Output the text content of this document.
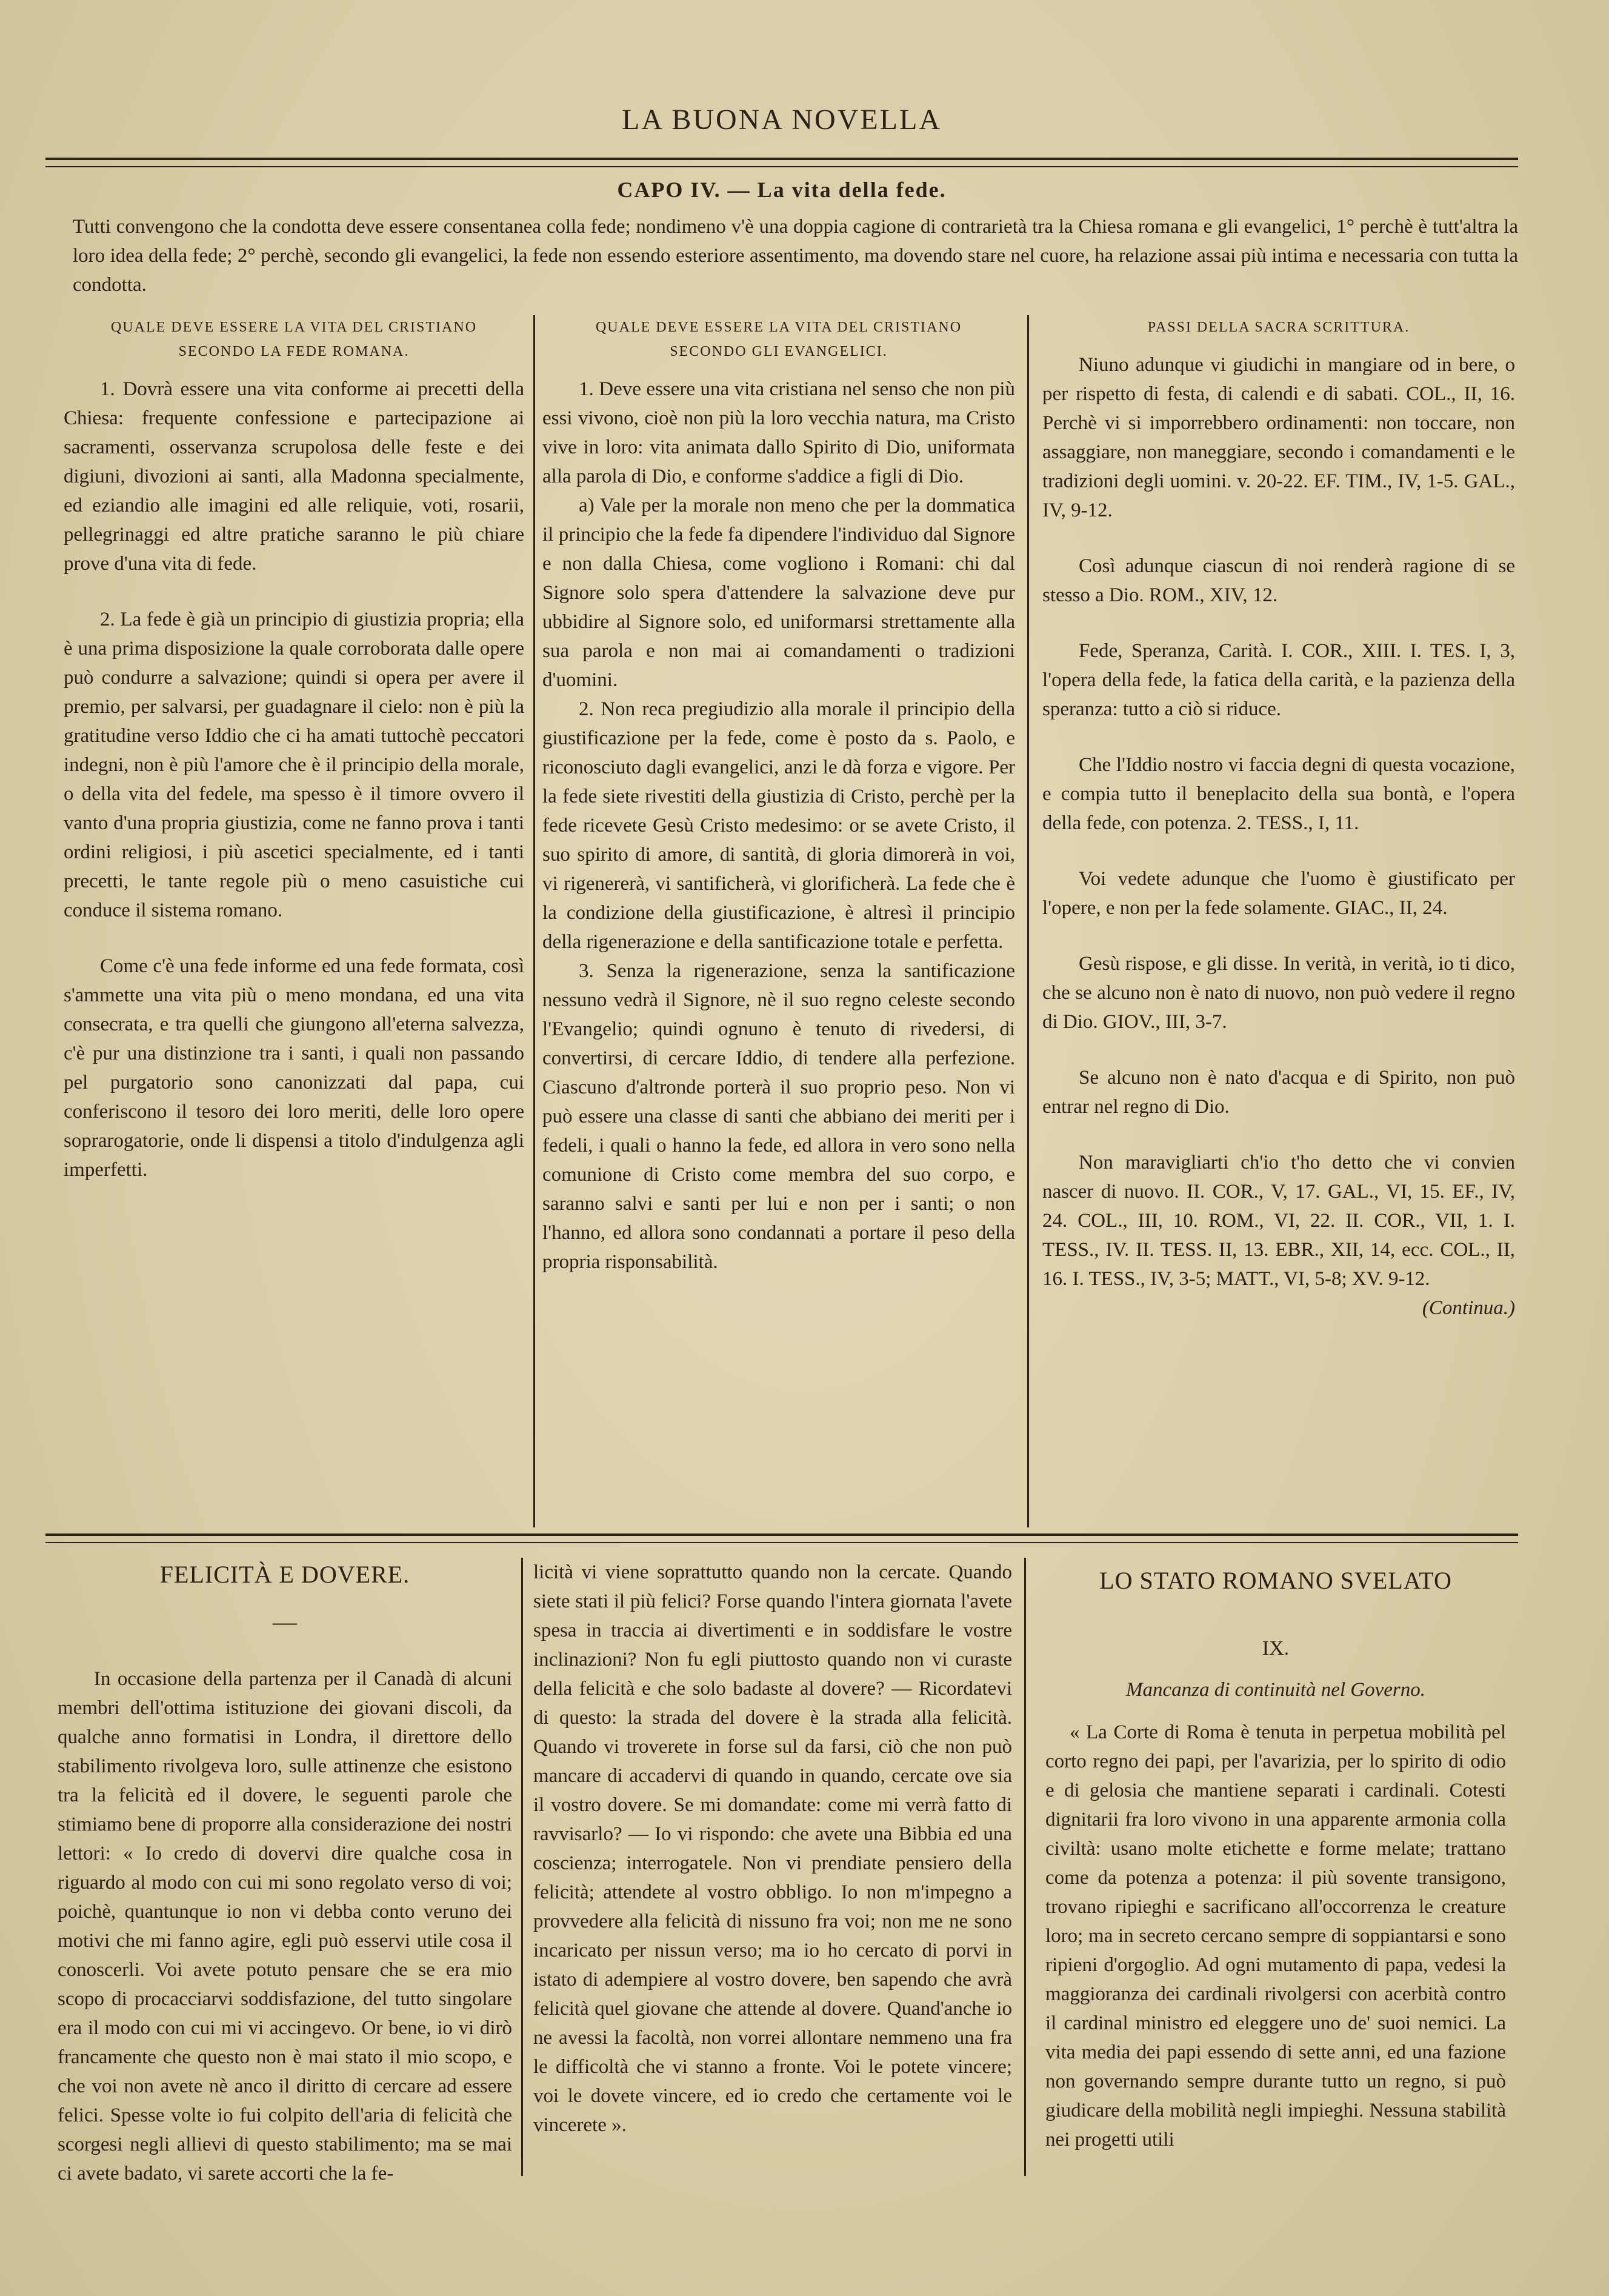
LA BUONA NOVELLA
CAPO IV. — La vita della fede.

Tutti convengono che la condotta deve essere consentanea colla fede; nondimeno v'è una doppia cagione di contrarietà tra la Chiesa romana e gli evangelici, 1° perchè è tutt'altra la loro idea della fede; 2° perchè, secondo gli evangelici, la fede non essendo esteriore assentimento, ma dovendo stare nel cuore, ha relazione assai più intima e necessaria con tutta la condotta.

QUALE DEVE ESSERE LA VITA DEL CRISTIANO
SECONDO LA FEDE ROMANA.

1. Dovrà essere una vita conforme ai precetti della Chiesa: frequente confessione e partecipazione ai sacramenti, osservanza scrupolosa delle feste e dei digiuni, divozioni ai santi, alla Madonna specialmente, ed eziandio alle imagini ed alle reliquie, voti, rosarii, pellegrinaggi ed altre pratiche saranno le più chiare prove d'una vita di fede.

2. La fede è già un principio di giustizia propria; ella è una prima disposizione la quale corroborata dalle opere può condurre a salvazione; quindi si opera per avere il premio, per salvarsi, per guadagnare il cielo: non è più la gratitudine verso Iddio che ci ha amati tuttochè peccatori indegni, non è più l'amore che è il principio della morale, o della vita del fedele, ma spesso è il timore ovvero il vanto d'una propria giustizia, come ne fanno prova i tanti ordini religiosi, i più ascetici specialmente, ed i tanti precetti, le tante regole più o meno casuistiche cui conduce il sistema romano.

Come c'è una fede informe ed una fede formata, così s'ammette una vita più o meno mondana, ed una vita consecrata, e tra quelli che giungono all'eterna salvezza, c'è pur una distinzione tra i santi, i quali non passando pel purgatorio sono canonizzati dal papa, cui conferiscono il tesoro dei loro meriti, delle loro opere soprarogatorie, onde li dispensi a titolo d'indulgenza agli imperfetti.

QUALE DEVE ESSERE LA VITA DEL CRISTIANO
SECONDO GLI EVANGELICI.

1. Deve essere una vita cristiana nel senso che non più essi vivono, cioè non più la loro vecchia natura, ma Cristo vive in loro: vita animata dallo Spirito di Dio, uniformata alla parola di Dio, e conforme s'addice a figli di Dio.

a) Vale per la morale non meno che per la dommatica il principio che la fede fa dipendere l'individuo dal Signore e non dalla Chiesa, come vogliono i Romani: chi dal Signore solo spera d'attendere la salvazione deve pur ubbidire al Signore solo, ed uniformarsi strettamente alla sua parola e non mai ai comandamenti o tradizioni d'uomini.

2. Non reca pregiudizio alla morale il principio della giustificazione per la fede, come è posto da s. Paolo, e riconosciuto dagli evangelici, anzi le dà forza e vigore. Per la fede siete rivestiti della giustizia di Cristo, perchè per la fede ricevete Gesù Cristo medesimo: or se avete Cristo, il suo spirito di amore, di santità, di gloria dimorerà in voi, vi rigenererà, vi santificherà, vi glorificherà. La fede che è la condizione della giustificazione, è altresì il principio della rigenerazione e della santificazione totale e perfetta.

3. Senza la rigenerazione, senza la santificazione nessuno vedrà il Signore, nè il suo regno celeste secondo l'Evangelio; quindi ognuno è tenuto di rivedersi, di convertirsi, di cercare Iddio, di tendere alla perfezione. Ciascuno d'altronde porterà il suo proprio peso. Non vi può essere una classe di santi che abbiano dei meriti per i fedeli, i quali o hanno la fede, ed allora in vero sono nella comunione di Cristo come membra del suo corpo, e saranno salvi e santi per lui e non per i santi; o non l'hanno, ed allora sono condannati a portare il peso della propria risponsabilità.

PASSI DELLA SACRA SCRITTURA.

Niuno adunque vi giudichi in mangiare od in bere, o per rispetto di festa, di calendi e di sabati. COL., II, 16. Perchè vi si imporrebbero ordinamenti: non toccare, non assaggiare, non maneggiare, secondo i comandamenti e le tradizioni degli uomini. v. 20-22. EF. TIM., IV, 1-5. GAL., IV, 9-12.

Così adunque ciascun di noi renderà ragione di se stesso a Dio. ROM., XIV, 12.

Fede, Speranza, Carità. I. COR., XIII. I. TES. I, 3, l'opera della fede, la fatica della carità, e la pazienza della speranza: tutto a ciò si riduce.

Che l'Iddio nostro vi faccia degni di questa vocazione, e compia tutto il beneplacito della sua bontà, e l'opera della fede, con potenza. 2. TESS., I, 11.

Voi vedete adunque che l'uomo è giustificato per l'opere, e non per la fede solamente. GIAC., II, 24.

Gesù rispose, e gli disse. In verità, in verità, io ti dico, che se alcuno non è nato di nuovo, non può vedere il regno di Dio. GIOV., III, 3-7.

Se alcuno non è nato d'acqua e di Spirito, non può entrar nel regno di Dio.

Non maravigliarti ch'io t'ho detto che vi convien nascer di nuovo. II. COR., V, 17. GAL., VI, 15. EF., IV, 24. COL., III, 10. ROM., VI, 22. II. COR., VII, 1. I. TESS., IV. II. TESS. II, 13. EBR., XII, 14, ecc. COL., II, 16. I. TESS., IV, 3-5; MATT., VI, 5-8; XV. 9-12.

(Continua.)
FELICITÀ E DOVERE.
—

In occasione della partenza per il Canadà di alcuni membri dell'ottima istituzione dei giovani discoli, da qualche anno formatisi in Londra, il direttore dello stabilimento rivolgeva loro, sulle attinenze che esistono tra la felicità ed il dovere, le seguenti parole che stimiamo bene di proporre alla considerazione dei nostri lettori: « Io credo di dovervi dire qualche cosa in riguardo al modo con cui mi sono regolato verso di voi; poichè, quantunque io non vi debba conto veruno dei motivi che mi fanno agire, egli può esservi utile cosa il conoscerli. Voi avete potuto pensare che se era mio scopo di procacciarvi soddisfazione, del tutto singolare era il modo con cui mi vi accingevo. Or bene, io vi dirò francamente che questo non è mai stato il mio scopo, e che voi non avete nè anco il diritto di cercare ad essere felici. Spesse volte io fui colpito dell'aria di felicità che scorgesi negli allievi di questo stabilimento; ma se mai ci avete badato, vi sarete accorti che la fe-

licità vi viene soprattutto quando non la cercate. Quando siete stati il più felici? Forse quando l'intera giornata l'avete spesa in traccia ai divertimenti e in soddisfare le vostre inclinazioni? Non fu egli piuttosto quando non vi curaste della felicità e che solo badaste al dovere? — Ricordatevi di questo: la strada del dovere è la strada alla felicità. Quando vi troverete in forse sul da farsi, ciò che non può mancare di accadervi di quando in quando, cercate ove sia il vostro dovere. Se mi domandate: come mi verrà fatto di ravvisarlo? — Io vi rispondo: che avete una Bibbia ed una coscienza; interrogatele. Non vi prendiate pensiero della felicità; attendete al vostro obbligo. Io non m'impegno a provvedere alla felicità di nissuno fra voi; non me ne sono incaricato per nissun verso; ma io ho cercato di porvi in istato di adempiere al vostro dovere, ben sapendo che avrà felicità quel giovane che attende al dovere. Quand'anche io ne avessi la facoltà, non vorrei allontare nemmeno una fra le difficoltà che vi stanno a fronte. Voi le potete vincere; voi le dovete vincere, ed io credo che certamente voi le vincerete ».

LO STATO ROMANO SVELATO
IX.
Mancanza di continuità nel Governo.

« La Corte di Roma è tenuta in perpetua mobilità pel corto regno dei papi, per l'avarizia, per lo spirito di odio e di gelosia che mantiene separati i cardinali. Cotesti dignitarii fra loro vivono in una apparente armonia colla civiltà: usano molte etichette e forme melate; trattano come da potenza a potenza: il più sovente transigono, trovano ripieghi e sacrificano all'occorrenza le creature loro; ma in secreto cercano sempre di soppiantarsi e sono ripieni d'orgoglio. Ad ogni mutamento di papa, vedesi la maggioranza dei cardinali rivolgersi con acerbità contro il cardinal ministro ed eleggere uno de' suoi nemici. La vita media dei papi essendo di sette anni, ed una fazione non governando sempre durante tutto un regno, si può giudicare della mobilità negli impieghi. Nessuna stabilità nei progetti utili
